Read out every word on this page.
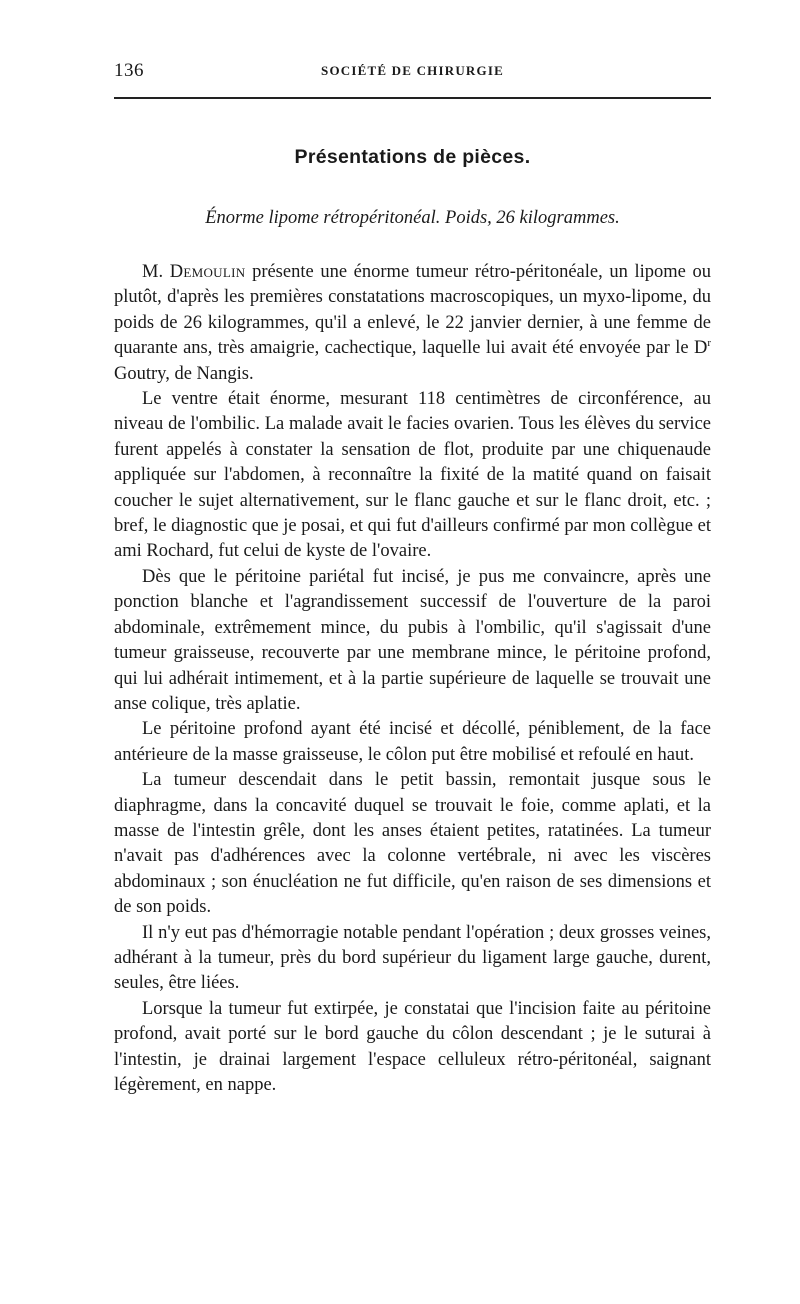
136	SOCIÉTÉ DE CHIRURGIE
Présentations de pièces.
Énorme lipome rétropéritonéal. Poids, 26 kilogrammes.

M. Demoulin présente une énorme tumeur rétro-péritonéale, un lipome ou plutôt, d'après les premières constatations macroscopiques, un myxo-lipome, du poids de 26 kilogrammes, qu'il a enlevé, le 22 janvier dernier, à une femme de quarante ans, très amaigrie, cachectique, laquelle lui avait été envoyée par le $D^r$ Goutry, de Nangis.

Le ventre était énorme, mesurant 118 centimètres de circonférence, au niveau de l'ombilic. La malade avait le facies ovarien. Tous les élèves du service furent appelés à constater la sensation de flot, produite par une chiquenaude appliquée sur l'abdomen, à reconnaître la fixité de la matité quand on faisait coucher le sujet alternativement, sur le flanc gauche et sur le flanc droit, etc. ; bref, le diagnostic que je posai, et qui fut d'ailleurs confirmé par mon collègue et ami Rochard, fut celui de kyste de l'ovaire.

Dès que le péritoine pariétal fut incisé, je pus me convaincre, après une ponction blanche et l'agrandissement successif de l'ouverture de la paroi abdominale, extrêmement mince, du pubis à l'ombilic, qu'il s'agissait d'une tumeur graisseuse, recouverte par une membrane mince, le péritoine profond, qui lui adhérait intimement, et à la partie supérieure de laquelle se trouvait une anse colique, très aplatie.

Le péritoine profond ayant été incisé et décollé, péniblement, de la face antérieure de la masse graisseuse, le côlon put être mobilisé et refoulé en haut.

La tumeur descendait dans le petit bassin, remontait jusque sous le diaphragme, dans la concavité duquel se trouvait le foie, comme aplati, et la masse de l'intestin grêle, dont les anses étaient petites, ratatinées. La tumeur n'avait pas d'adhérences avec la colonne vertébrale, ni avec les viscères abdominaux ; son énucléation ne fut difficile, qu'en raison de ses dimensions et de son poids.

Il n'y eut pas d'hémorragie notable pendant l'opération ; deux grosses veines, adhérant à la tumeur, près du bord supérieur du ligament large gauche, durent, seules, être liées.

Lorsque la tumeur fut extirpée, je constatai que l'incision faite au péritoine profond, avait porté sur le bord gauche du côlon descendant ; je le suturai à l'intestin, je drainai largement l'espace celluleux rétro-péritonéal, saignant légèrement, en nappe.
